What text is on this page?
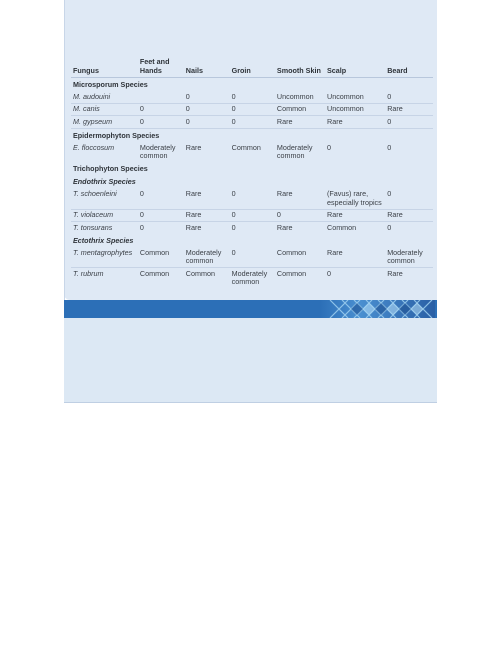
Fungus	Feet and Hands	Nails	Groin	Smooth Skin	Scalp	Beard
Microsporum Species						
M. audouini		0	0	Uncommon	Uncommon	0
M. canis	0	0	0	Common	Uncommon	Rare
M. gypseum	0	0	0	Rare	Rare	0
Epidermophyton Species						
E. floccosum	Moderately common	Rare	Common	Moderately common	0	0
Trichophyton Species						
Endothrix Species						
T. schoenleini	0	Rare	0	Rare	(Favus) rare, especially tropics	0
T. violaceum	0	Rare	0	0	Rare	Rare
T. tonsurans	0	Rare	0	Rare	Common	0
Ectothrix Species						
T. mentagrophytes	Common	Moderately common	0	Common	Rare	Moderately common
T. rubrum	Common	Common	Moderately common	Common	0	Rare
